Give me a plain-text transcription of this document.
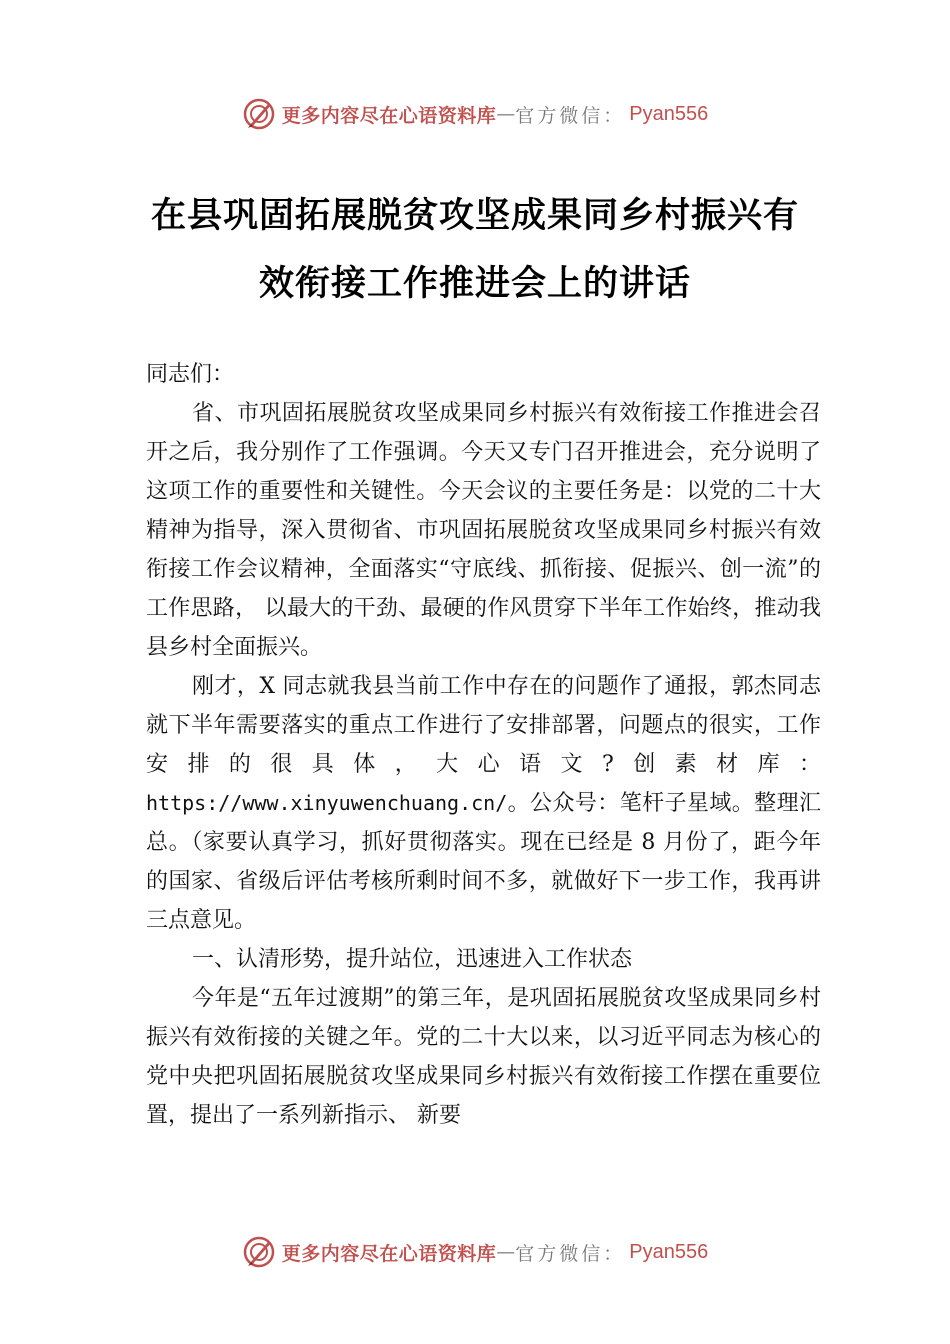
更多内容尽在心语资料库 — 官方微信： Pyan556
在县巩固拓展脱贫攻坚成果同乡村振兴有
效衔接工作推进会上的讲话

同志们：

省、市巩固拓展脱贫攻坚成果同乡村振兴有效衔接工作推进会召开之后，我分别作了工作强调。今天又专门召开推进会，充分说明了这项工作的重要性和关键性。今天会议的主要任务是：以党的二十大精神为指导，深入贯彻省、市巩固拓展脱贫攻坚成果同乡村振兴有效衔接工作会议精神，全面落实“守底线、抓衔接、促振兴、创一流”的工作思路， 以最大的干劲、最硬的作风贯穿下半年工作始终，推动我县乡村全面振兴。

刚才，X 同志就我县当前工作中存在的问题作了通报，郭杰同志就下半年需要落实的重点工作进行了安排部署，问题点的很实，工作安排的很具体，大心语文?创素材库：https://www.xinyuwenchuang.cn/。公众号：笔杆子星域。整理汇总。（家要认真学习，抓好贯彻落实。现在已经是 8 月份了，距今年的国家、省级后评估考核所剩时间不多，就做好下一步工作，我再讲三点意见。

一、认清形势，提升站位，迅速进入工作状态

今年是“五年过渡期”的第三年，是巩固拓展脱贫攻坚成果同乡村振兴有效衔接的关键之年。党的二十大以来，以习近平同志为核心的党中央把巩固拓展脱贫攻坚成果同乡村振兴有效衔接工作摆在重要位置，提出了一系列新指示、 新要

更多内容尽在心语资料库 — 官方微信： Pyan556
